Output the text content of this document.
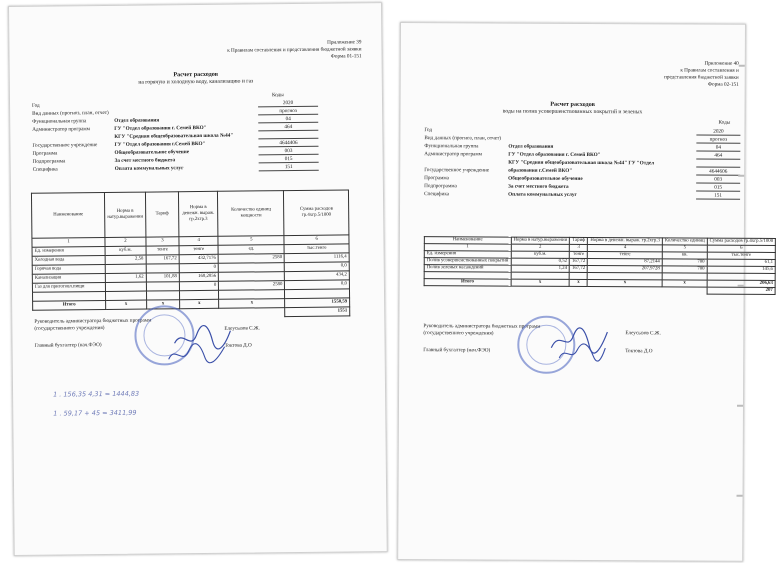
Приложение 39
к Правилам составления и представления бюджетной заявки
Форма 01-151
Расчет расходов
на горячую и холодную воду, канализацию и газ
Коды
Год	2020
Вид данных (прогноз, план, отчет)	прогноз
Функциональная группа	Отдел образования	04
Администратор программ	ГУ "Отдел образования г. Семей ВКО"	464
КГУ "Средняя общеобразовательная школа №44"
Государственное учреждение	ГУ "Отдел образования г.Семей ВКО"	4644406
Программа	Общеобразовательное обучение	003
Подпрограмма	За счет местного бюджета	015
Специфика	Оплата коммунальных услуг	151
Наименование	Норма в натур.выражении	Тариф	Норма в денежн. выраж. гр.2хгр.3	Количество единиц мощности	Сумма расходов гр.4хгр.5/1000
1	2	3	4	5	6
Ед. измерения	куб.м.	тенге	тенге	ед.	тыс.тенге
Холодная вода	2,58	167,72	432,7176	2580	1116,4
Горячая вода			0		0,0
Канализация	1,62	101,88	168,2856		434,2
Газ для приготовл.пищи			0	2580	0,0

Итого	х	х	х	х	1550,59
					1551
Руководитель администратора бюджетных программ
(государственного учреждения)	Елеусызов С.Ж.
Главный бухгалтер (нач.ФЭО)	Токтова Д.О
1 . 156,35 4,31 = 1444,83
1 . 59,17 + 45 = 3411,99
Приложение 40
к Правилам составления и
представления бюджетной заявки
Форма 02-151
Расчет расходов
воды на полив усовершенствованных покрытий и зеленых
Коды
Год	2020
Вид данных (прогноз, план, отчет)	прогноз
Функциональная группа	Отдел образования	04
Администратор программ	ГУ "Отдел образования г. Семей ВКО"	464
КГУ "Средняя общеобразовательная школа №44" ГУ "Отдел
Государственное учреждение	образования г.Семей ВКО"	4644606
Программа	Общеобразовательное обучение	003
Подпрограмма	За счет местного бюджета	015
Специфика	Оплата коммунальных услуг	151
Наименование	Норма в натур.выражении	Тариф	Норма в денежн. выраж. гр.2хгр.3	Количество единиц	Сумма расходов гр.4хгр.5/1000
1	2	3	4	5	6
Ед. измерения	куб.м.	тенге	тенге	кв.	тыс.тенге
Полив усовершенствованных покрытий	0,52	167,72	87,2144	700	61,1
Полив зеленых насаждений	1,24	167,72	207,9728	700	145,6

Итого	х	х	х	х	206,63
					207
Руководитель администратора бюджетных программ
(государственного учреждения)	Елеусызов С.Ж.
Главный бухгалтер (нач.ФЭО)	Токтова Д.О
